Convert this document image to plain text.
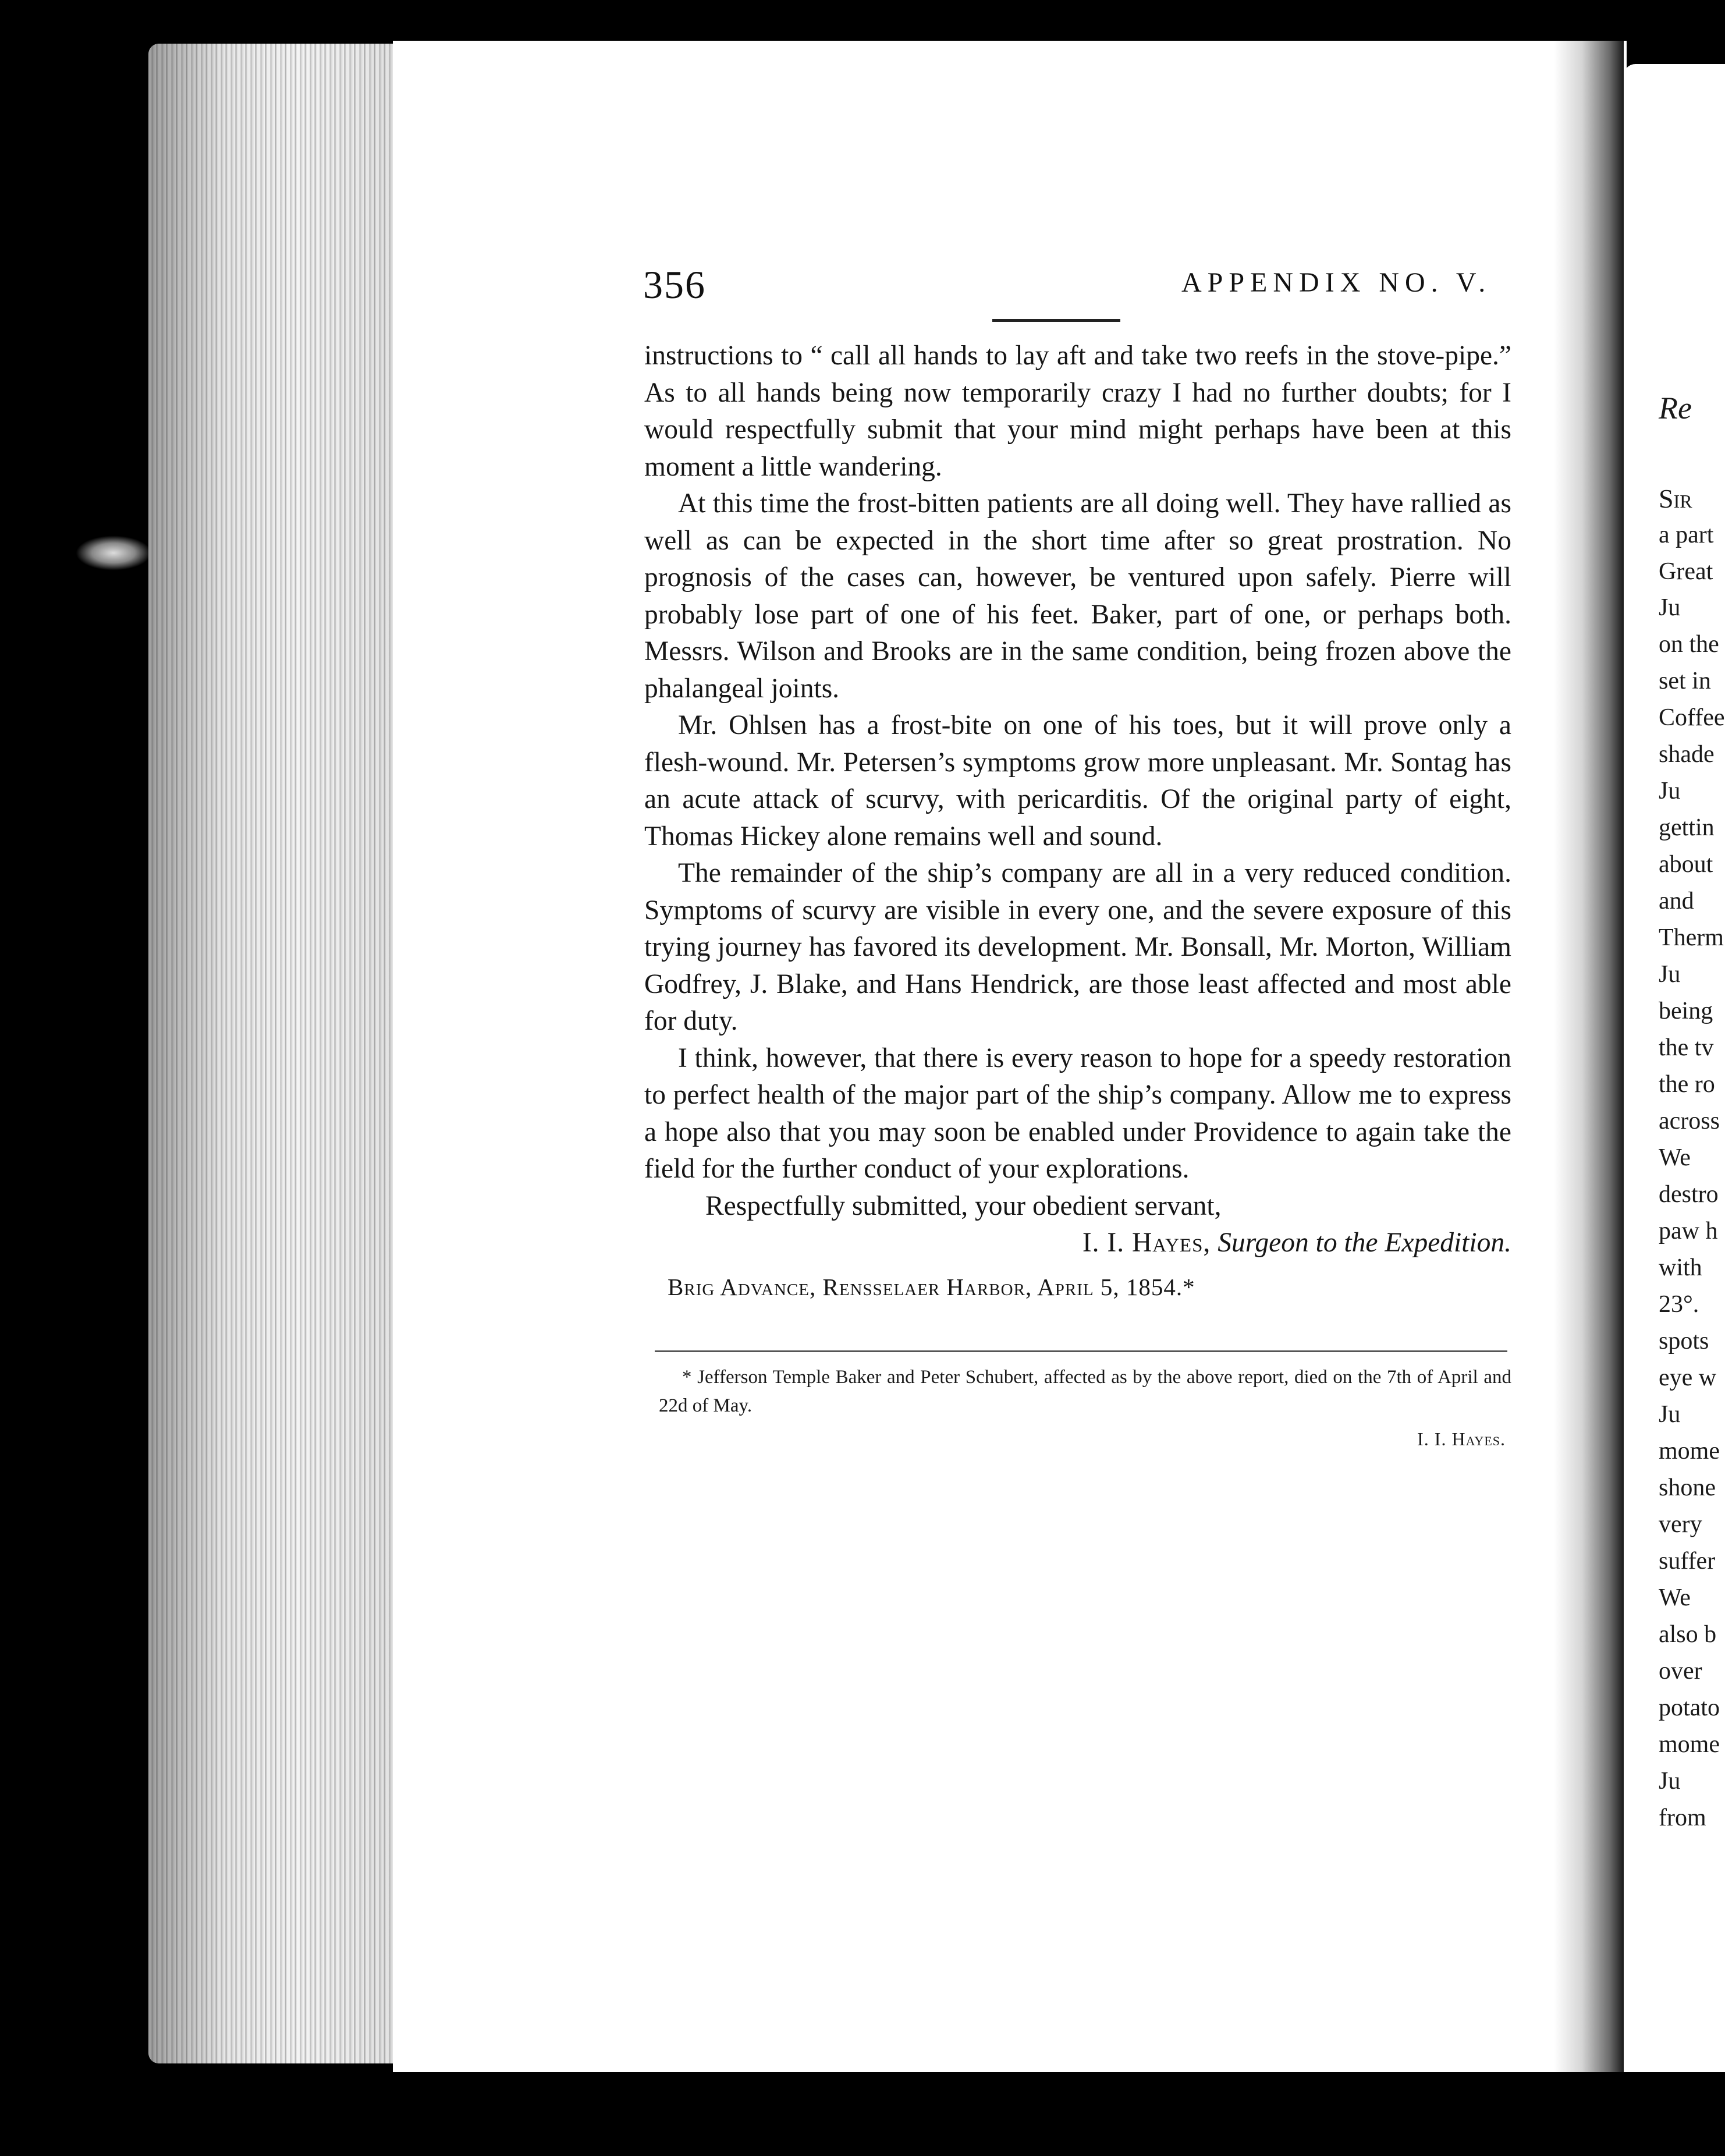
356	APPENDIX NO. V.

instructions to “ call all hands to lay aft and take two reefs in the stove-pipe.” As to all hands being now temporarily crazy I had no further doubts; for I would respectfully submit that your mind might perhaps have been at this moment a little wandering.

At this time the frost-bitten patients are all doing well. They have rallied as well as can be expected in the short time after so great prostration. No prognosis of the cases can, however, be ventured upon safely. Pierre will probably lose part of one of his feet. Baker, part of one, or perhaps both. Messrs. Wilson and Brooks are in the same condition, being frozen above the phalangeal joints.

Mr. Ohlsen has a frost-bite on one of his toes, but it will prove only a flesh-wound. Mr. Petersen’s symptoms grow more unpleasant. Mr. Sontag has an acute attack of scurvy, with pericarditis. Of the original party of eight, Thomas Hickey alone remains well and sound.

The remainder of the ship’s company are all in a very reduced condition. Symptoms of scurvy are visible in every one, and the severe exposure of this trying journey has favored its development. Mr. Bonsall, Mr. Morton, William Godfrey, J. Blake, and Hans Hendrick, are those least affected and most able for duty.

I think, however, that there is every reason to hope for a speedy restoration to perfect health of the major part of the ship’s company. Allow me to express a hope also that you may soon be enabled under Providence to again take the field for the further conduct of your explorations.

Respectfully submitted, your obedient servant,

I. I. Hayes, Surgeon to the Expedition.

Brig Advance, Rensselaer Harbor, April 5, 1854.*

* Jefferson Temple Baker and Peter Schubert, affected as by the above report, died on the 7th of April and 22d of May.

I. I. Hayes.

Re
Sir
a part
Great
Ju
on the
set in
Coffee
shade
Ju
gettin
about
and
Therm
Ju
being
the tv
the ro
across
We
destro
paw h
with
23°.
spots
eye w
Ju
mome
shone
very
suffer
We
also b
over
potato
mome
Ju
from
